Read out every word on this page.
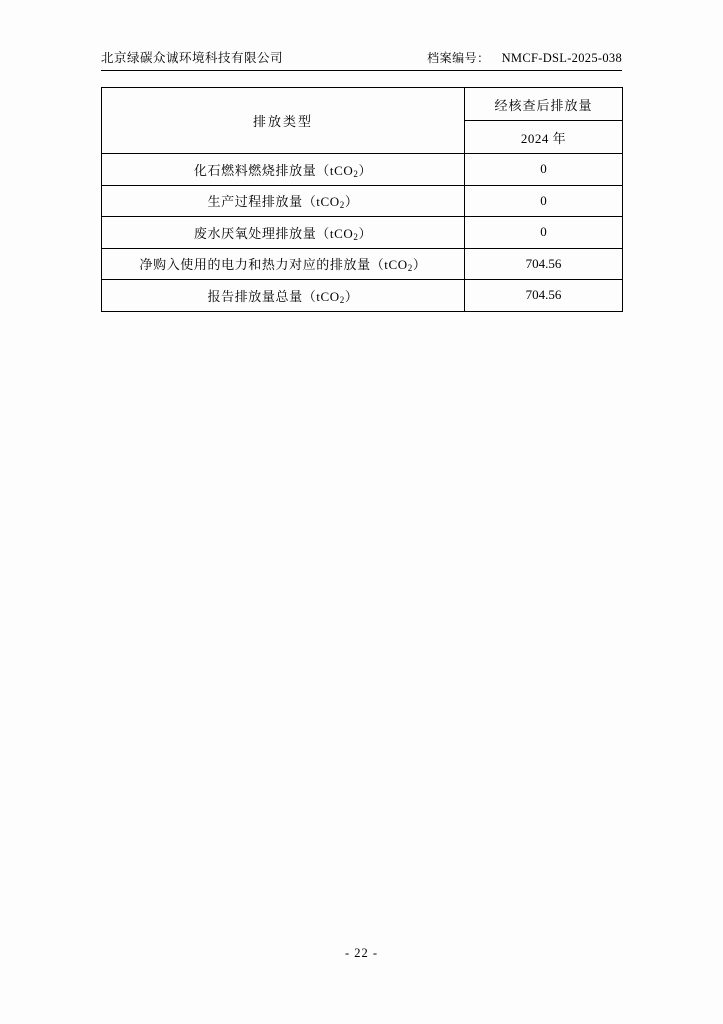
北京绿碳众诚环境科技有限公司	档案编号： NMCF-DSL-2025-038
排放类型	经核查后排放量
	2024 年
化石燃料燃烧排放量（tCO$_2$）	0
生产过程排放量（tCO$_2$）	0
废水厌氧处理排放量（tCO$_2$）	0
净购入使用的电力和热力对应的排放量（tCO$_2$）	704.56
报告排放量总量（tCO$_2$）	704.56
- 22 -
